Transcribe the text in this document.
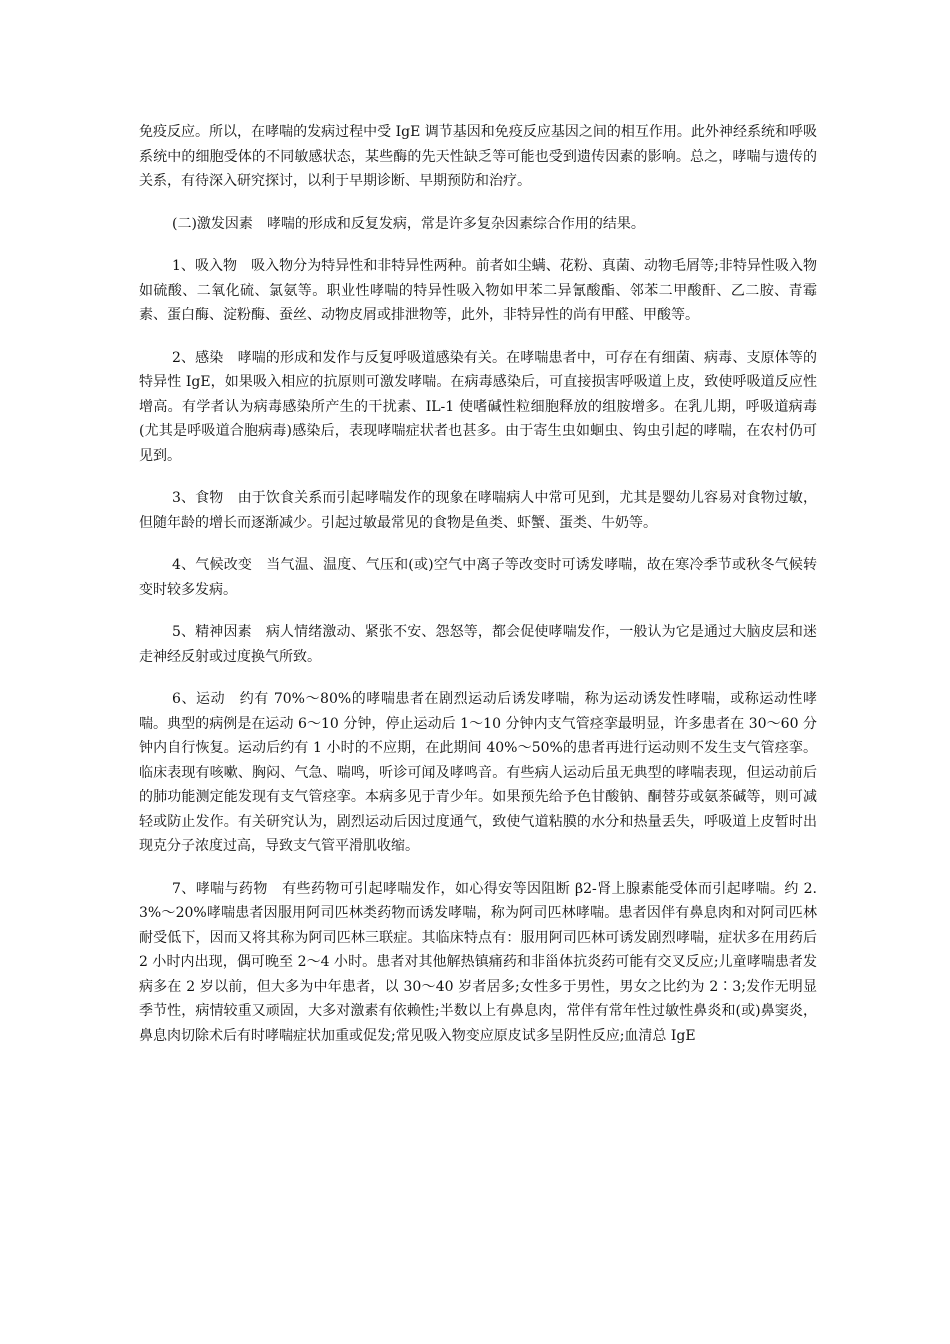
免疫反应。所以，在哮喘的发病过程中受 IgE 调节基因和免疫反应基因之间的相互作用。此外神经系统和呼吸系统中的细胞受体的不同敏感状态，某些酶的先天性缺乏等可能也受到遗传因素的影响。总之，哮喘与遗传的关系，有待深入研究探讨，以利于早期诊断、早期预防和治疗。

(二)激发因素 哮喘的形成和反复发病，常是许多复杂因素综合作用的结果。

1、吸入物 吸入物分为特异性和非特异性两种。前者如尘螨、花粉、真菌、动物毛屑等;非特异性吸入物如硫酸、二氧化硫、氯氨等。职业性哮喘的特异性吸入物如甲苯二异氰酸酯、邻苯二甲酸酐、乙二胺、青霉素、蛋白酶、淀粉酶、蚕丝、动物皮屑或排泄物等，此外，非特异性的尚有甲醛、甲酸等。

2、感染 哮喘的形成和发作与反复呼吸道感染有关。在哮喘患者中，可存在有细菌、病毒、支原体等的特异性 IgE，如果吸入相应的抗原则可激发哮喘。在病毒感染后，可直接损害呼吸道上皮，致使呼吸道反应性增高。有学者认为病毒感染所产生的干扰素、IL-1 使嗜碱性粒细胞释放的组胺增多。在乳儿期，呼吸道病毒(尤其是呼吸道合胞病毒)感染后，表现哮喘症状者也甚多。由于寄生虫如蛔虫、钩虫引起的哮喘，在农村仍可见到。

3、食物 由于饮食关系而引起哮喘发作的现象在哮喘病人中常可见到，尤其是婴幼儿容易对食物过敏，但随年龄的增长而逐渐减少。引起过敏最常见的食物是鱼类、虾蟹、蛋类、牛奶等。

4、气候改变 当气温、温度、气压和(或)空气中离子等改变时可诱发哮喘，故在寒冷季节或秋冬气候转变时较多发病。

5、精神因素 病人情绪激动、紧张不安、怨怒等，都会促使哮喘发作，一般认为它是通过大脑皮层和迷走神经反射或过度换气所致。

6、运动 约有 70%～80%的哮喘患者在剧烈运动后诱发哮喘，称为运动诱发性哮喘，或称运动性哮喘。典型的病例是在运动 6～10 分钟，停止运动后 1～10 分钟内支气管痉挛最明显，许多患者在 30～60 分钟内自行恢复。运动后约有 1 小时的不应期，在此期间 40%～50%的患者再进行运动则不发生支气管痉挛。临床表现有咳嗽、胸闷、气急、喘鸣，听诊可闻及哮鸣音。有些病人运动后虽无典型的哮喘表现，但运动前后的肺功能测定能发现有支气管痉挛。本病多见于青少年。如果预先给予色甘酸钠、酮替芬或氨茶碱等，则可减轻或防止发作。有关研究认为，剧烈运动后因过度通气，致使气道粘膜的水分和热量丢失，呼吸道上皮暂时出现克分子浓度过高，导致支气管平滑肌收缩。

7、哮喘与药物 有些药物可引起哮喘发作，如心得安等因阻断 β2-肾上腺素能受体而引起哮喘。约 2.3%～20%哮喘患者因服用阿司匹林类药物而诱发哮喘，称为阿司匹林哮喘。患者因伴有鼻息肉和对阿司匹林耐受低下，因而又将其称为阿司匹林三联症。其临床特点有：服用阿司匹林可诱发剧烈哮喘，症状多在用药后 2 小时内出现，偶可晚至 2～4 小时。患者对其他解热镇痛药和非甾体抗炎药可能有交叉反应;儿童哮喘患者发病多在 2 岁以前，但大多为中年患者，以 30～40 岁者居多;女性多于男性，男女之比约为 2∶3;发作无明显季节性，病情较重又顽固，大多对激素有依赖性;半数以上有鼻息肉，常伴有常年性过敏性鼻炎和(或)鼻窦炎，鼻息肉切除术后有时哮喘症状加重或促发;常见吸入物变应原皮试多呈阴性反应;血清总 IgE
